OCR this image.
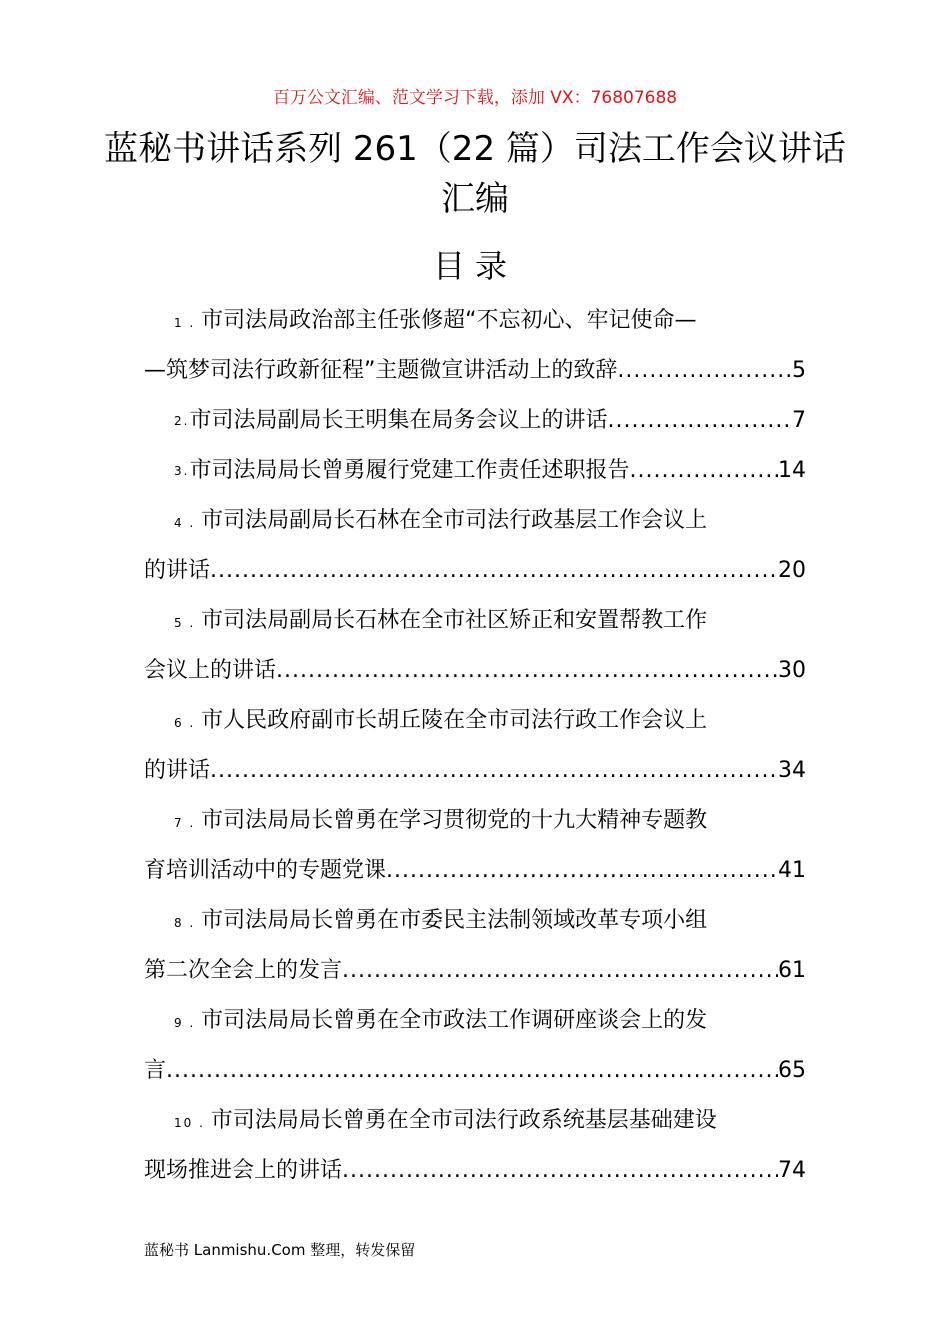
百万公文汇编、范文学习下载，添加 VX：76807688
蓝秘书讲话系列 261（22 篇）司法工作会议讲话汇编
目录
1 . 市司法局政治部主任张修超“不忘初心、牢记使命—
—筑梦司法行政新征程”主题微宣讲活动上的致辞 .....	5
2 . 市司法局副局长王明集在局务会议上的讲话 .....	7
3 . 市司法局局长曾勇履行党建工作责任述职报告 .....	14
4 . 市司法局副局长石林在全市司法行政基层工作会议上
的讲话 .....	20
5 . 市司法局副局长石林在全市社区矫正和安置帮教工作
会议上的讲话 .....	30
6 . 市人民政府副市长胡丘陵在全市司法行政工作会议上
的讲话 .....	34
7 . 市司法局局长曾勇在学习贯彻党的十九大精神专题教
育培训活动中的专题党课 .....	41
8 . 市司法局局长曾勇在市委民主法制领域改革专项小组
第二次全会上的发言 .....	61
9 . 市司法局局长曾勇在全市政法工作调研座谈会上的发
言 .....	65
10 . 市司法局局长曾勇在全市司法行政系统基层基础建设
现场推进会上的讲话 .....	74
蓝秘书 Lanmishu.Com 整理，转发保留
